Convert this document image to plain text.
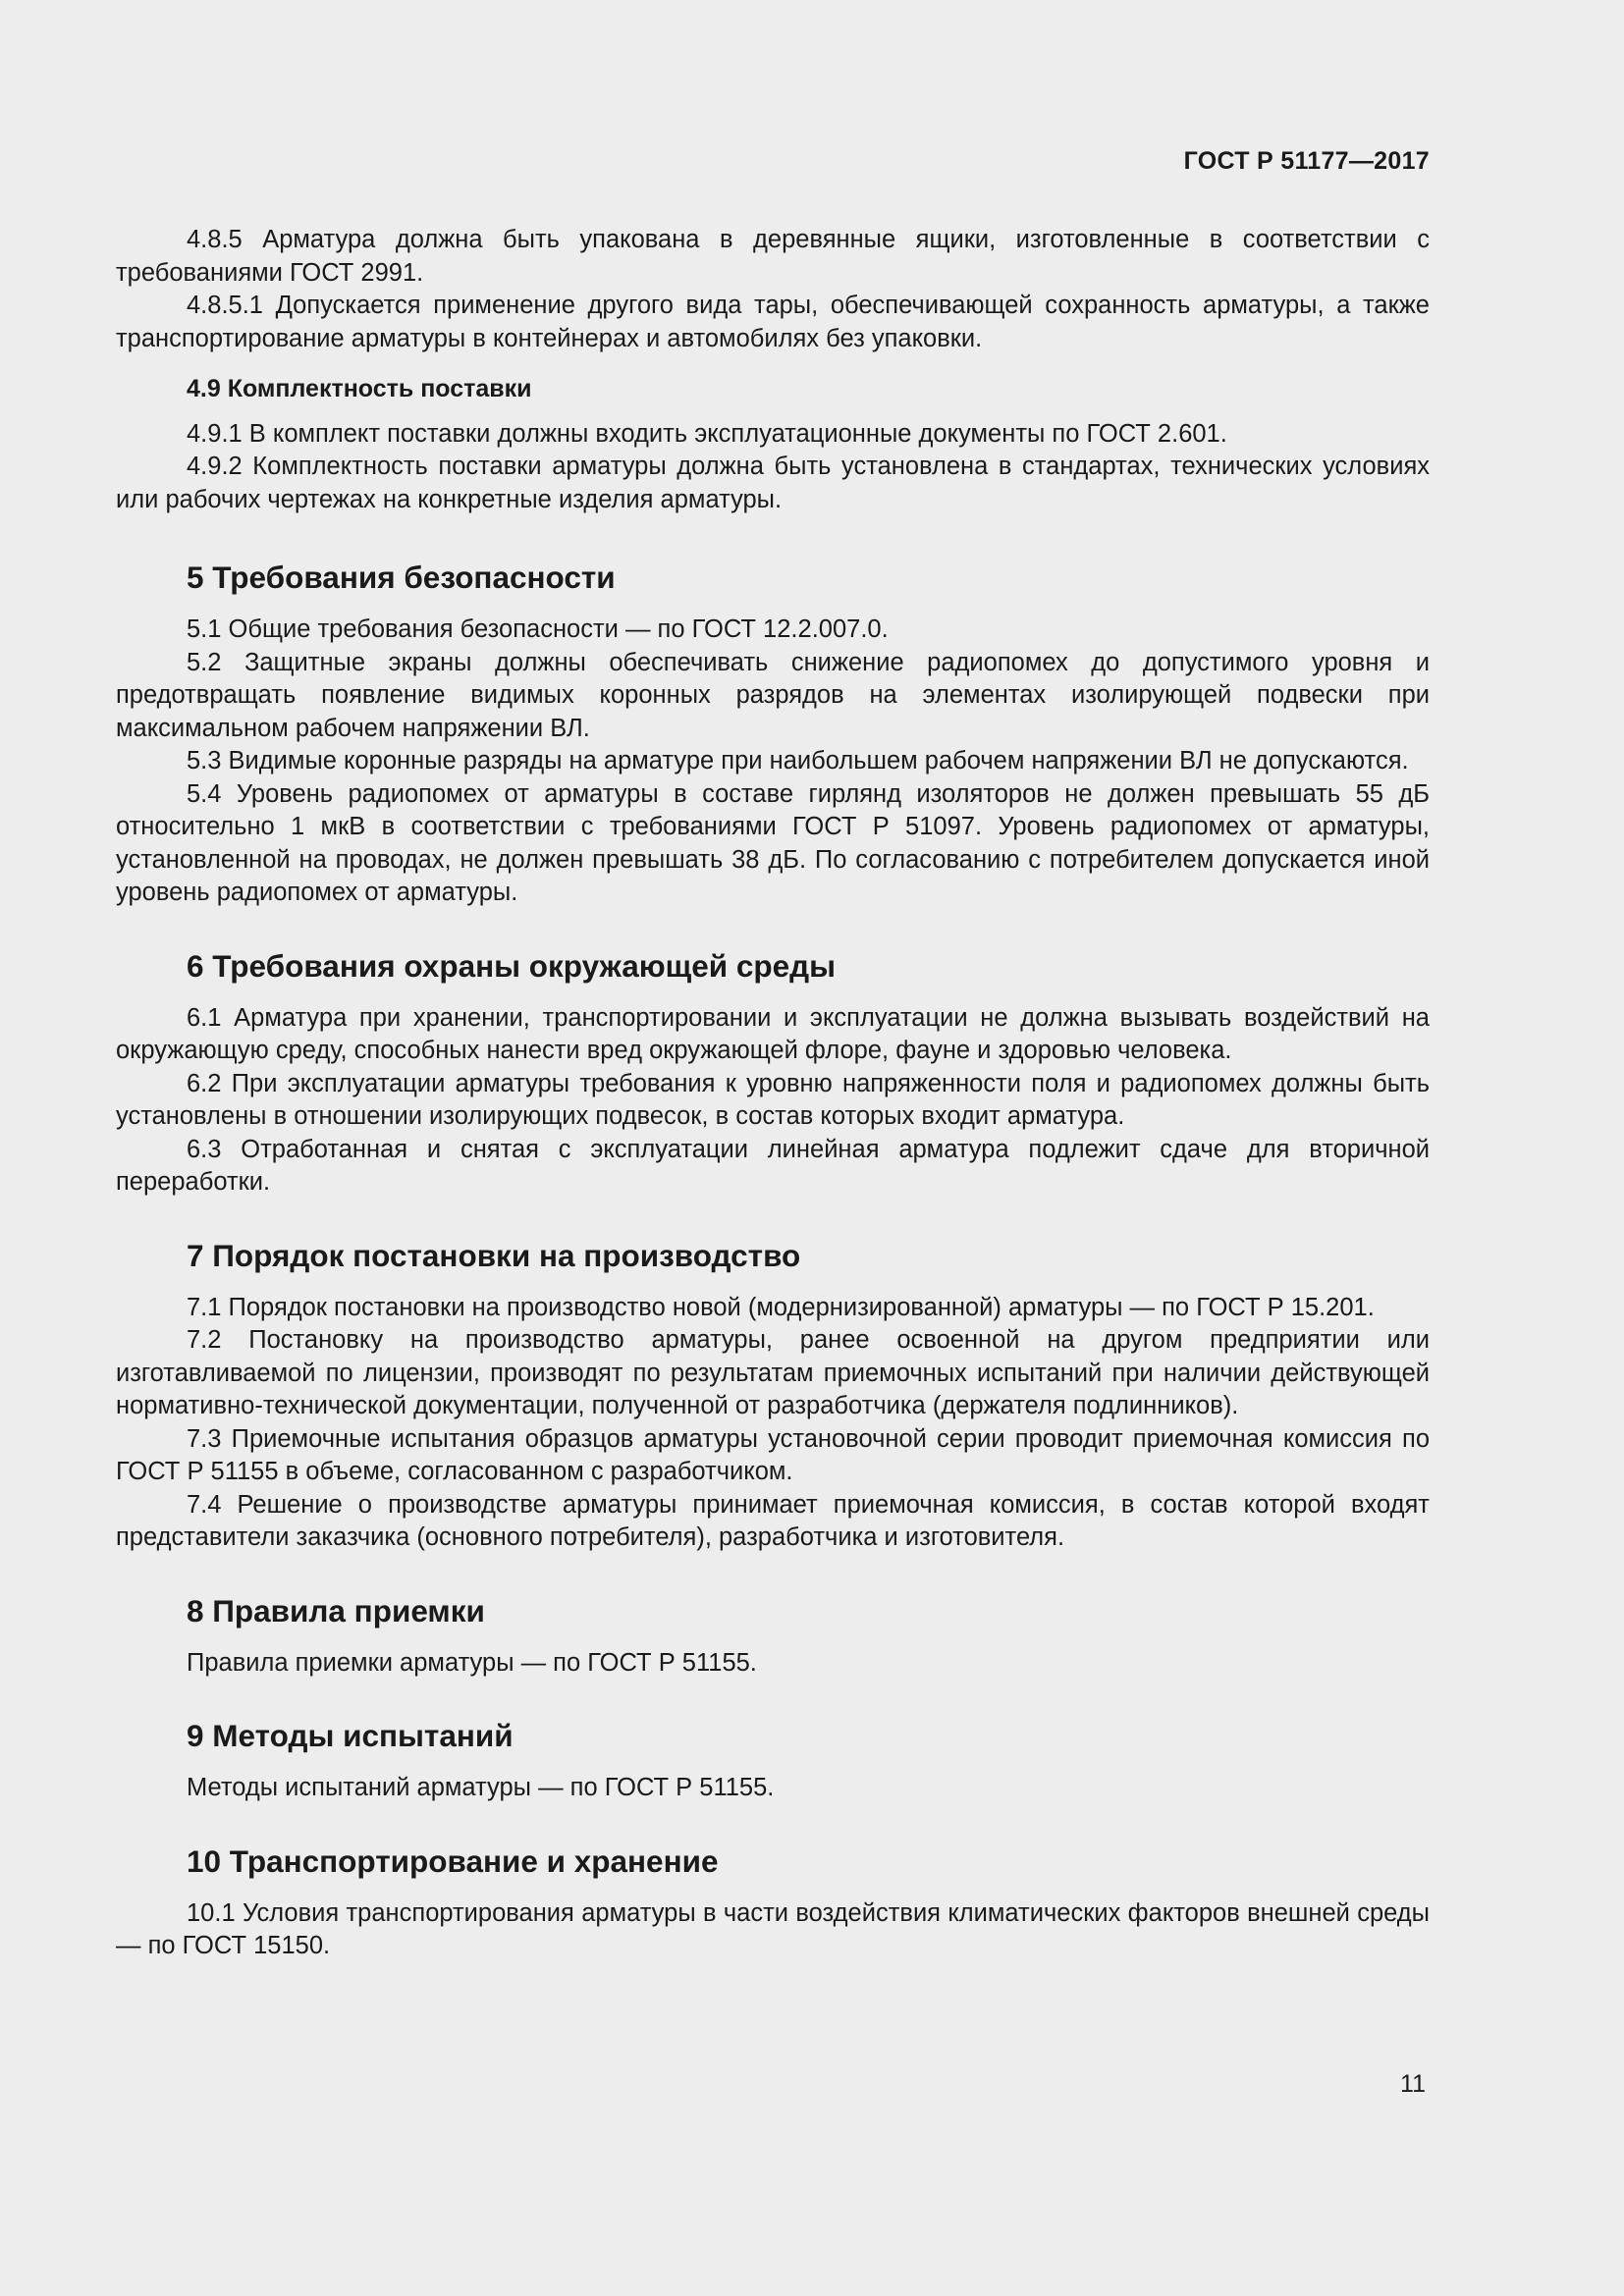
ГОСТ Р 51177—2017

4.8.5 Арматура должна быть упакована в деревянные ящики, изготовленные в соответствии с требованиями ГОСТ 2991.

4.8.5.1 Допускается применение другого вида тары, обеспечивающей сохранность арматуры, а также транспортирование арматуры в контейнерах и автомобилях без упаковки.

4.9 Комплектность поставки

4.9.1 В комплект поставки должны входить эксплуатационные документы по ГОСТ 2.601.

4.9.2 Комплектность поставки арматуры должна быть установлена в стандартах, технических условиях или рабочих чертежах на конкретные изделия арматуры.

5 Требования безопасности

5.1 Общие требования безопасности — по ГОСТ 12.2.007.0.

5.2 Защитные экраны должны обеспечивать снижение радиопомех до допустимого уровня и предотвращать появление видимых коронных разрядов на элементах изолирующей подвески при максимальном рабочем напряжении ВЛ.

5.3 Видимые коронные разряды на арматуре при наибольшем рабочем напряжении ВЛ не допускаются.

5.4 Уровень радиопомех от арматуры в составе гирлянд изоляторов не должен превышать 55 дБ относительно 1 мкВ в соответствии с требованиями ГОСТ Р 51097. Уровень радиопомех от арматуры, установленной на проводах, не должен превышать 38 дБ. По согласованию с потребителем допускается иной уровень радиопомех от арматуры.

6 Требования охраны окружающей среды

6.1 Арматура при хранении, транспортировании и эксплуатации не должна вызывать воздействий на окружающую среду, способных нанести вред окружающей флоре, фауне и здоровью человека.

6.2 При эксплуатации арматуры требования к уровню напряженности поля и радиопомех должны быть установлены в отношении изолирующих подвесок, в состав которых входит арматура.

6.3 Отработанная и снятая с эксплуатации линейная арматура подлежит сдаче для вторичной переработки.

7 Порядок постановки на производство

7.1 Порядок постановки на производство новой (модернизированной) арматуры — по ГОСТ Р 15.201.

7.2 Постановку на производство арматуры, ранее освоенной на другом предприятии или изготавливаемой по лицензии, производят по результатам приемочных испытаний при наличии действующей нормативно-технической документации, полученной от разработчика (держателя подлинников).

7.3 Приемочные испытания образцов арматуры установочной серии проводит приемочная комиссия по ГОСТ Р 51155 в объеме, согласованном с разработчиком.

7.4 Решение о производстве арматуры принимает приемочная комиссия, в состав которой входят представители заказчика (основного потребителя), разработчика и изготовителя.

8 Правила приемки

Правила приемки арматуры — по ГОСТ Р 51155.

9 Методы испытаний

Методы испытаний арматуры — по ГОСТ Р 51155.

10 Транспортирование и хранение

10.1 Условия транспортирования арматуры в части воздействия климатических факторов внешней среды — по ГОСТ 15150.

11
